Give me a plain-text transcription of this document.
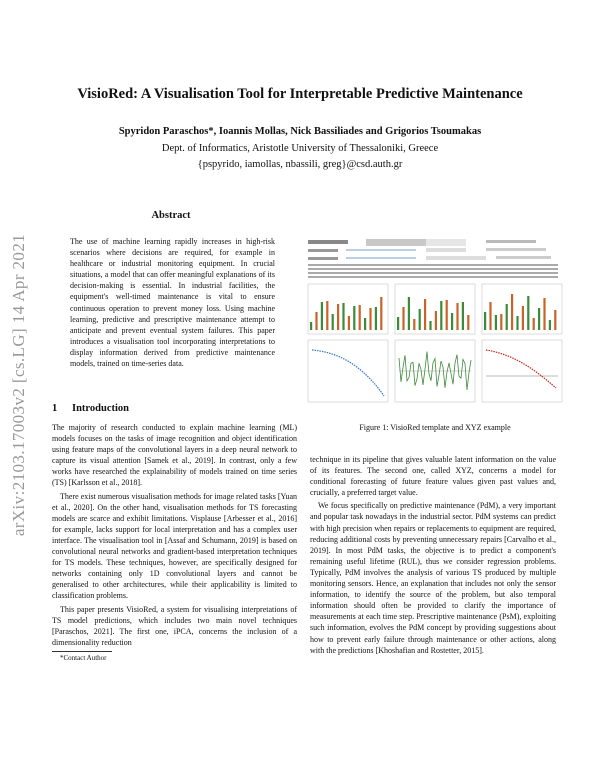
VisioRed: A Visualisation Tool for Interpretable Predictive Maintenance
Spyridon Paraschos*, Ioannis Mollas, Nick Bassiliades and Grigorios Tsoumakas
Dept. of Informatics, Aristotle University of Thessaloniki, Greece
{pspyrido, iamollas, nbassili, greg}@csd.auth.gr
arXiv:2103.17003v2 [cs.LG] 14 Apr 2021
Abstract
The use of machine learning rapidly increases in high-risk scenarios where decisions are required, for example in healthcare or industrial monitoring equipment. In crucial situations, a model that can offer meaningful explanations of its decision-making is essential. In industrial facilities, the equipment's well-timed maintenance is vital to ensure continuous operation to prevent money loss. Using machine learning, predictive and prescriptive maintenance attempt to anticipate and prevent eventual system failures. This paper introduces a visualisation tool incorporating interpretations to display information derived from predictive maintenance models, trained on time-series data.
1 Introduction

The majority of research conducted to explain machine learning (ML) models focuses on the tasks of image recognition and object identification using feature maps of the convolutional layers in a deep neural network to capture its visual attention [Samek et al., 2019]. In contrast, only a few works have researched the explainability of models trained on time series (TS) [Karlsson et al., 2018].

There exist numerous visualisation methods for image related tasks [Yuan et al., 2020]. On the other hand, visualisation methods for TS forecasting models are scarce and exhibit limitations. Visplause [Arbesser et al., 2016] for example, lacks support for local interpretation and has a complex user interface. The visualisation tool in [Assaf and Schumann, 2019] is based on convolutional neural networks and gradient-based interpretation techniques for TS models. These techniques, however, are specifically designed for networks containing only 1D convolutional layers and cannot be generalised to other architectures, while their applicability is limited to classification problems.

This paper presents VisioRed, a system for visualising interpretations of TS model predictions, which includes two main novel techniques [Paraschos, 2021]. The first one, iPCA, concerns the inclusion of a dimensionality reduction

*Contact Author
Figure 1: VisioRed template and XYZ example

technique in its pipeline that gives valuable latent information on the value of its features. The second one, called XYZ, concerns a model for conditional forecasting of future feature values given past values and, crucially, a preferred target value.

We focus specifically on predictive maintenance (PdM), a very important and popular task nowadays in the industrial sector. PdM systems can predict with high precision when repairs or replacements to equipment are required, reducing additional costs by preventing unnecessary repairs [Carvalho et al., 2019]. In most PdM tasks, the objective is to predict a component's remaining useful lifetime (RUL), thus we consider regression problems. Typically, PdM involves the analysis of various TS produced by multiple monitoring sensors. Hence, an explanation that includes not only the sensor information, to identify the source of the problem, but also temporal information should often be provided to clarify the importance of measurements at each time step. Prescriptive maintenance (PsM), exploiting such information, evolves the PdM concept by providing suggestions about how to prevent early failure through maintenance or other actions, along with the predictions [Khoshafian and Rostetter, 2015].
